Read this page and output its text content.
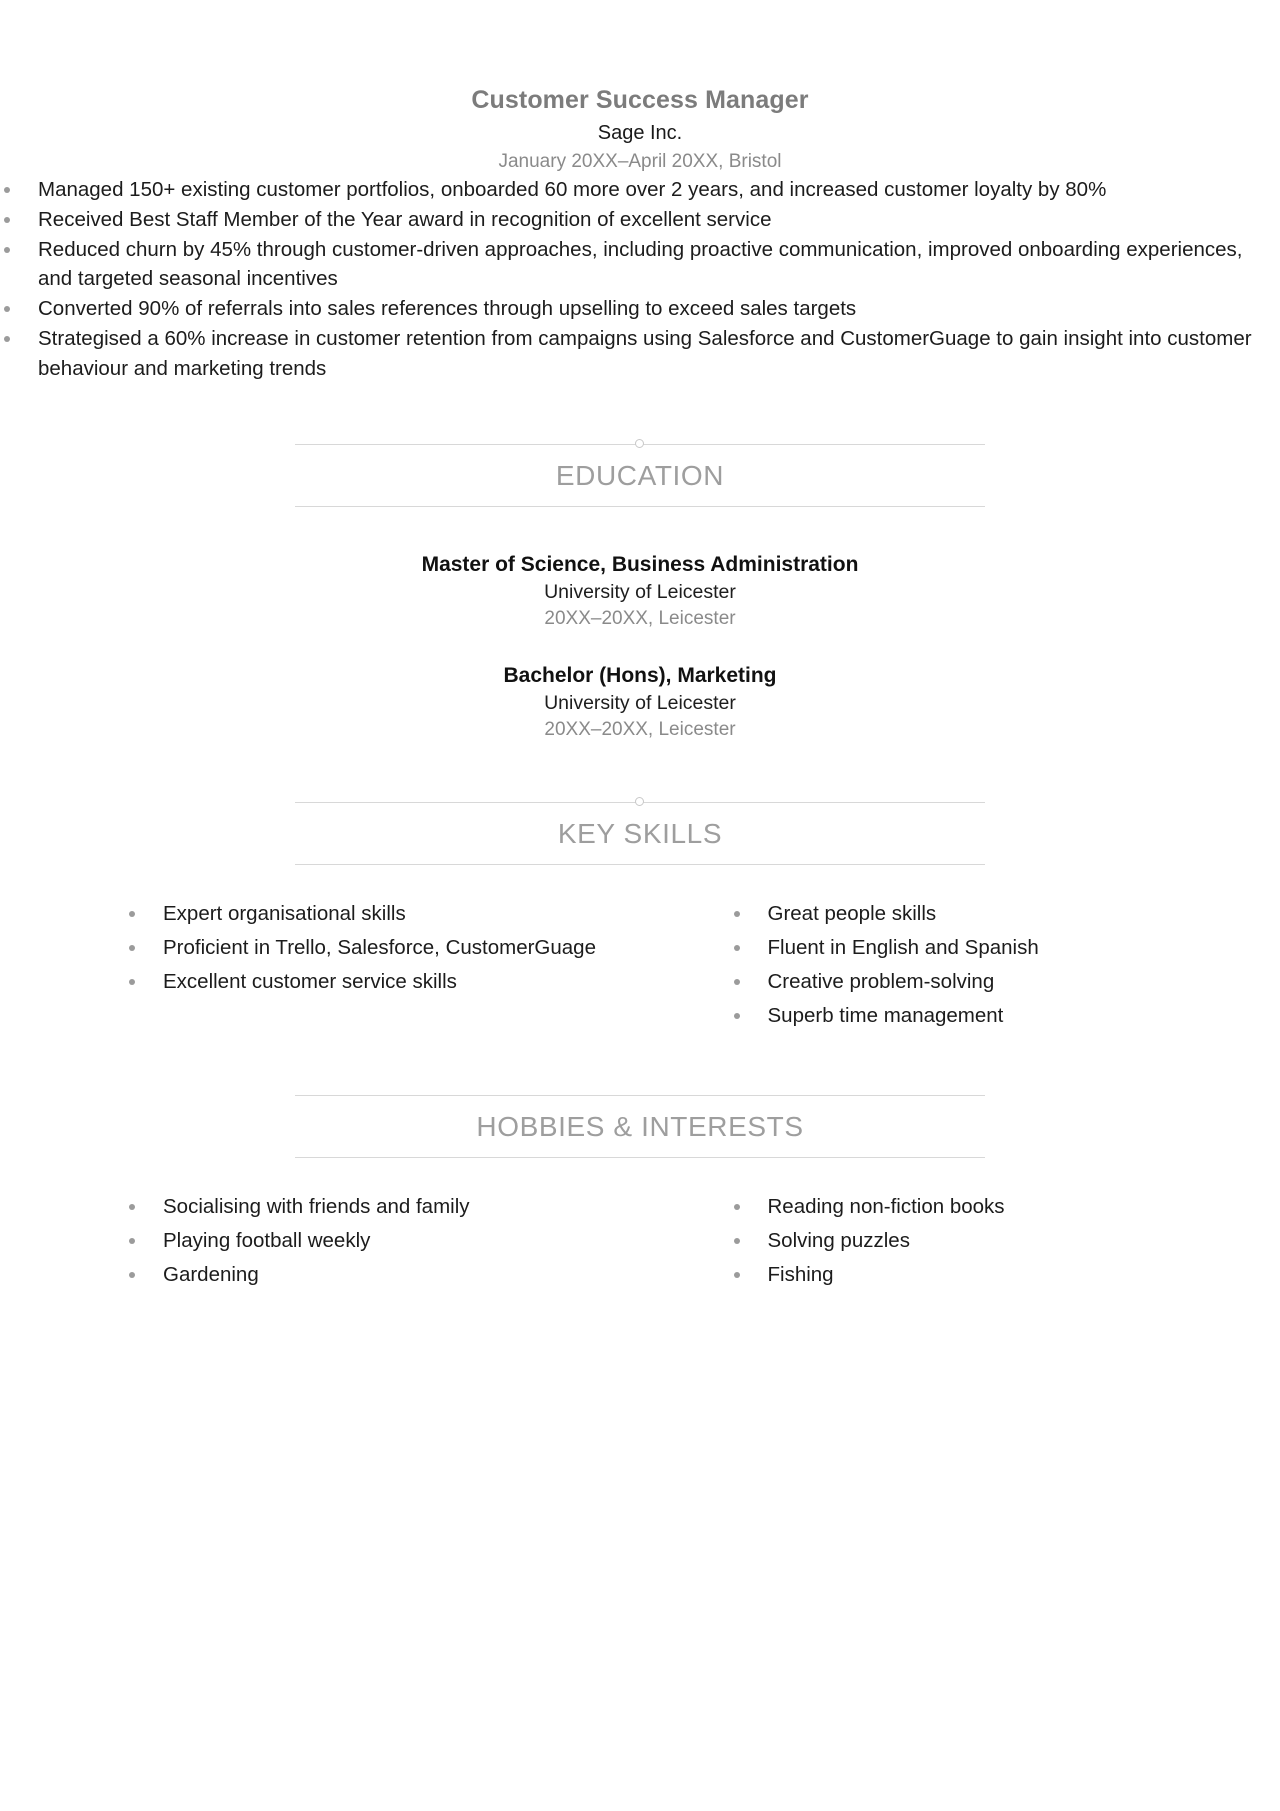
Customer Success Manager
Sage Inc.
January 20XX–April 20XX, Bristol
Managed 150+ existing customer portfolios, onboarded 60 more over 2 years, and increased customer loyalty by 80%
Received Best Staff Member of the Year award in recognition of excellent service
Reduced churn by 45% through customer-driven approaches, including proactive communication, improved onboarding experiences, and targeted seasonal incentives
Converted 90% of referrals into sales references through upselling to exceed sales targets
Strategised a 60% increase in customer retention from campaigns using Salesforce and CustomerGuage to gain insight into customer behaviour and marketing trends
EDUCATION
Master of Science, Business Administration
University of Leicester
20XX–20XX, Leicester
Bachelor (Hons), Marketing
University of Leicester
20XX–20XX, Leicester
KEY SKILLS
Expert organisational skills
Proficient in Trello, Salesforce, CustomerGuage
Excellent customer service skills
Great people skills
Fluent in English and Spanish
Creative problem-solving
Superb time management
HOBBIES & INTERESTS
Socialising with friends and family
Playing football weekly
Gardening
Reading non-fiction books
Solving puzzles
Fishing
